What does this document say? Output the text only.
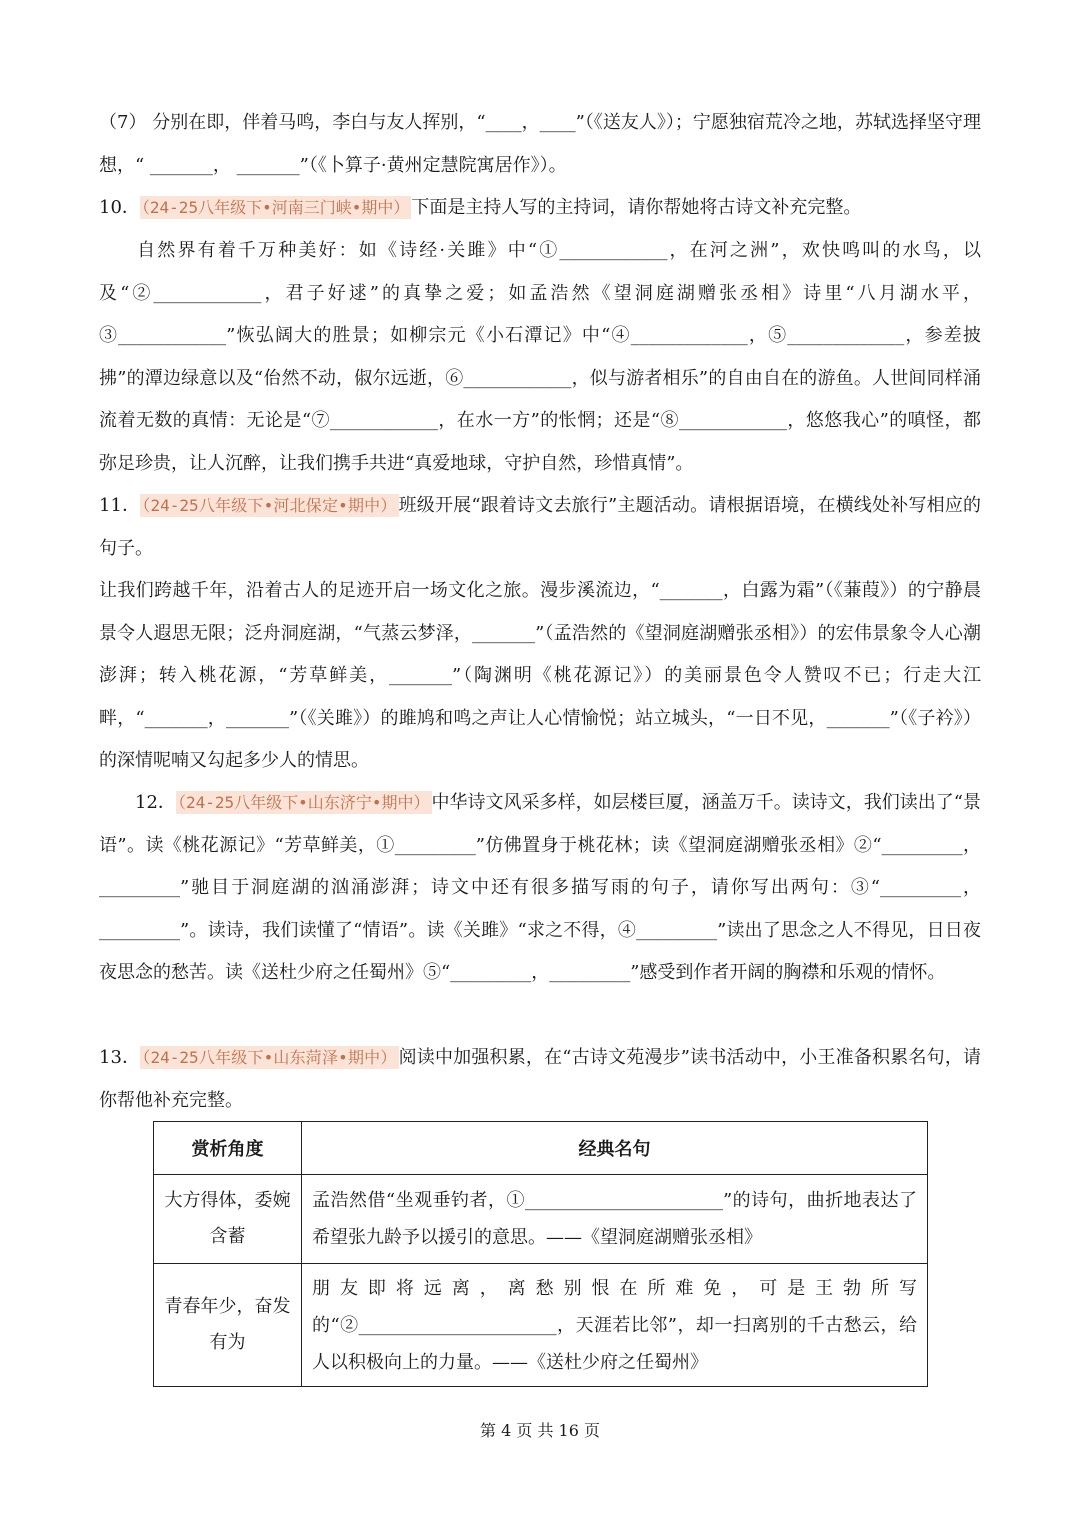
（7） 分别在即，伴着马鸣，李白与友人挥别，“____，____”（《送友人》）；宁愿独宿荒冷之地，苏轼选择坚守理想，“ _______， _______”（《卜算子·黄州定慧院寓居作》）。

10． （24-25八年级下•河南三门峡•期中） 下面是主持人写的主持词，请你帮她将古诗文补充完整。

自然界有着千万种美好：如《诗经·关雎》中“①____________，在河之洲”，欢快鸣叫的水鸟，以及“②____________，君子好逑”的真挚之爱；如孟浩然《望洞庭湖赠张丞相》诗里“八月湖水平，③____________”恢弘阔大的胜景；如柳宗元《小石潭记》中“④_____________，⑤_____________，参差披拂”的潭边绿意以及“佁然不动，俶尔远逝，⑥____________，似与游者相乐”的自由自在的游鱼。人世间同样涌流着无数的真情：无论是“⑦____________，在水一方”的怅惘；还是“⑧____________，悠悠我心”的嗔怪，都弥足珍贵，让人沉醉，让我们携手共进“真爱地球，守护自然，珍惜真情”。

11． （24-25八年级下•河北保定•期中） 班级开展“跟着诗文去旅行”主题活动。请根据语境，在横线处补写相应的句子。

让我们跨越千年，沿着古人的足迹开启一场文化之旅。漫步溪流边，“_______，白露为霜”（《蒹葭》）的宁静晨景令人遐思无限；泛舟洞庭湖，“气蒸云梦泽，_______”（孟浩然的《望洞庭湖赠张丞相》）的宏伟景象令人心潮澎湃；转入桃花源，“芳草鲜美，_______”（陶渊明《桃花源记》）的美丽景色令人赞叹不已；行走大江畔，“_______，_______”（《关雎》）的雎鸠和鸣之声让人心情愉悦；站立城头，“一日不见，_______”（《子衿》）的深情呢喃又勾起多少人的情思。

12． （24-25八年级下•山东济宁•期中） 中华诗文风采多样，如层楼巨厦，涵盖万千。读诗文，我们读出了“景语”。读《桃花源记》“芳草鲜美，①_________”仿佛置身于桃花林；读《望洞庭湖赠张丞相》②“_________，_________”驰目于洞庭湖的汹涌澎湃；诗文中还有很多描写雨的句子，请你写出两句：③“_________，_________”。读诗，我们读懂了“情语”。读《关雎》“求之不得，④_________”读出了思念之人不得见，日日夜夜思念的愁苦。读《送杜少府之任蜀州》⑤“_________，_________”感受到作者开阔的胸襟和乐观的情怀。

13． （24-25八年级下•山东菏泽•期中） 阅读中加强积累，在“古诗文苑漫步”读书活动中，小王准备积累名句，请你帮他补充完整。

赏析角度	经典名句
大方得体，委婉含蓄	孟浩然借“坐观垂钓者，①______________________”的诗句，曲折地表达了希望张九龄予以援引的意思。——《望洞庭湖赠张丞相》
青春年少，奋发有为	朋友即将远离，离愁别恨在所难免，可是王勃所写的“②______________________，天涯若比邻”，却一扫离别的千古愁云，给人以积极向上的力量。——《送杜少府之任蜀州》
第 4 页 共 16 页
